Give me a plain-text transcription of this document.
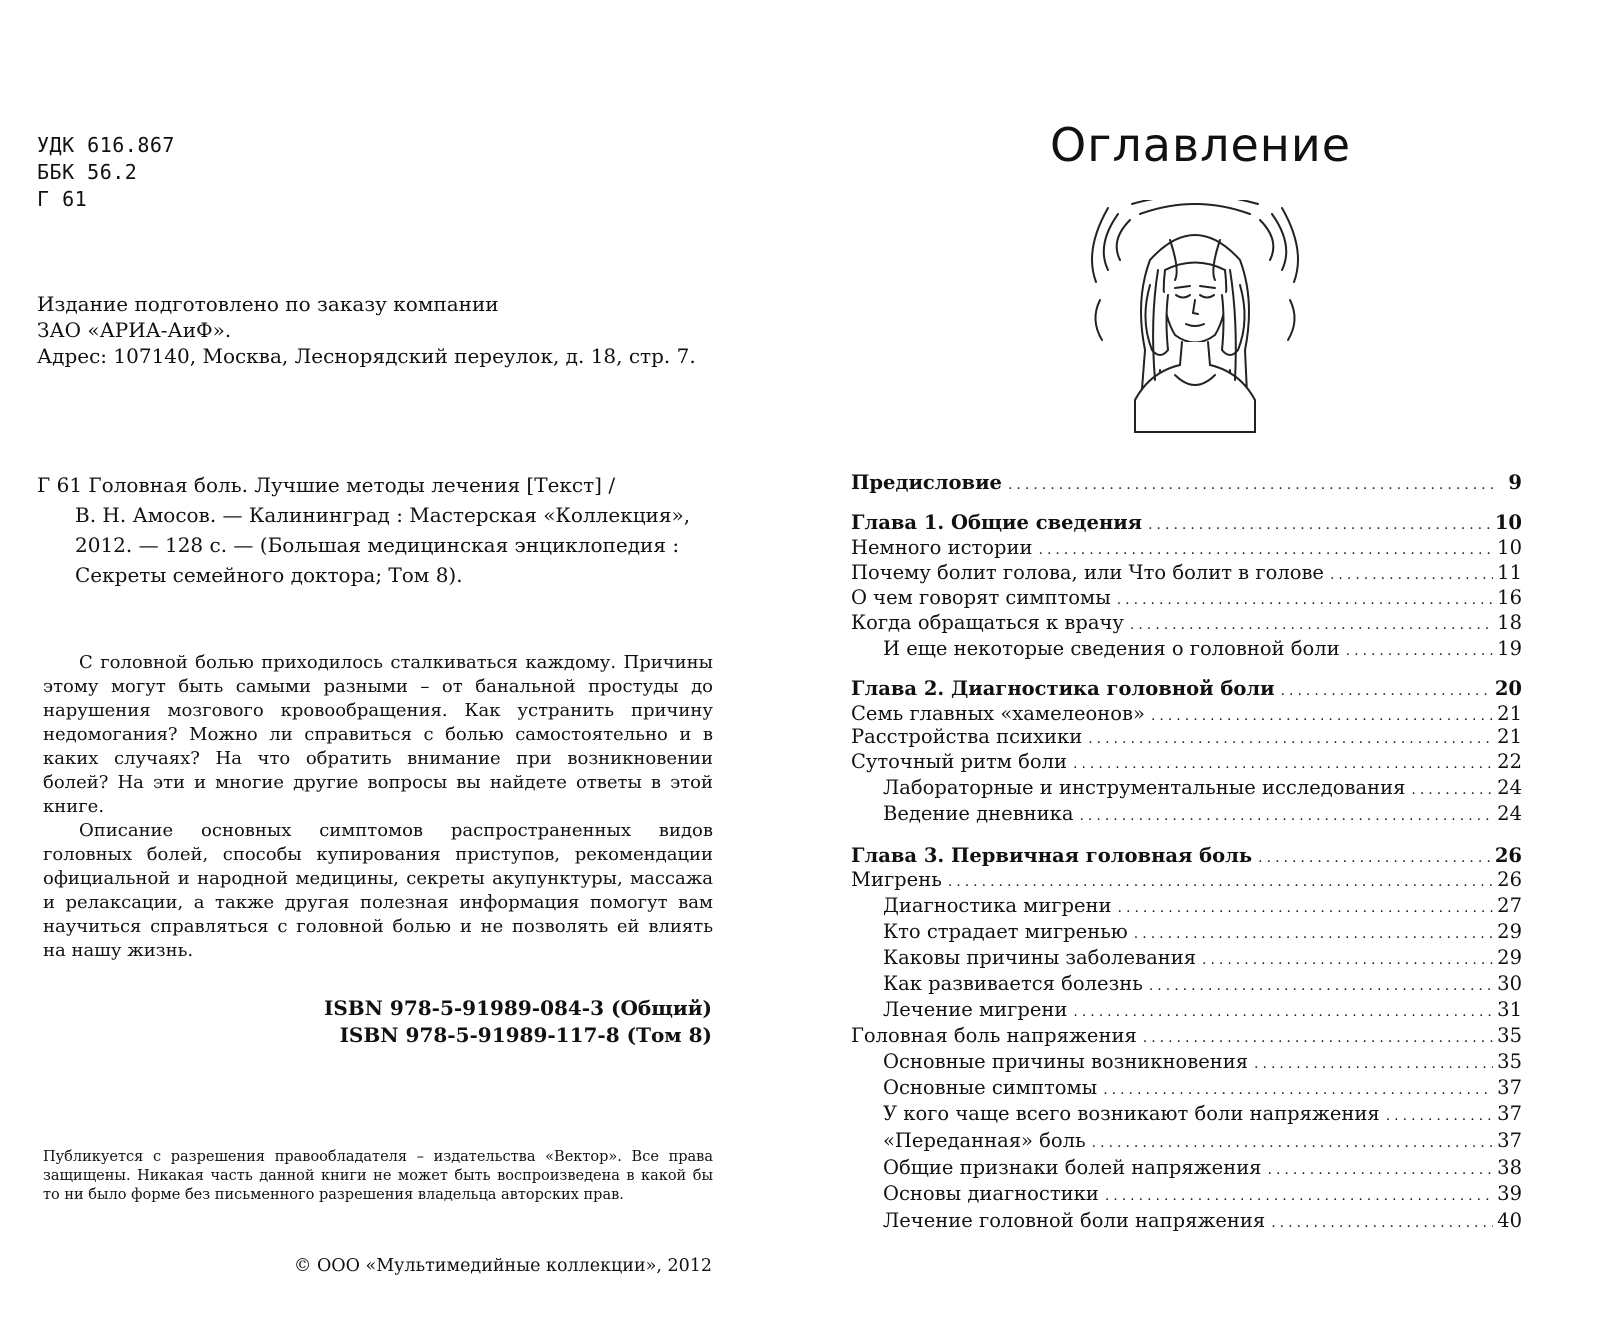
УДК 616.867
ББК 56.2
Г 61
Издание подготовлено по заказу компании
ЗАО «АРИА-АиФ».
Адрес: 107140, Москва, Леснорядский переулок, д. 18, стр. 7.
Г 61 Головная боль. Лучшие методы лечения [Текст] /
В. Н. Амосов. — Калининград : Мастерская «Коллекция»,
2012. — 128 с. — (Большая медицинская энциклопедия :
Секреты семейного доктора; Том 8).

С головной болью приходилось сталкиваться каждому. Причины этому могут быть самыми разными – от банальной простуды до нарушения мозгового кровообращения. Как устранить причину недомогания? Можно ли справиться с болью самостоятельно и в каких случаях? На что обратить внимание при возникновении болей? На эти и многие другие вопросы вы найдете ответы в этой книге.

Описание основных симптомов распространенных видов головных болей, способы купирования приступов, рекомендации официальной и народной медицины, секреты акупунктуры, массажа и релаксации, а также другая полезная информация помогут вам научиться справляться с головной болью и не позволять ей влиять на нашу жизнь.

ISBN 978-5-91989-084-3 (Общий)
ISBN 978-5-91989-117-8 (Том 8)
Публикуется с разрешения правообладателя – издательства «Вектор». Все права защищены. Никакая часть данной книги не может быть воспроизведена в какой бы то ни было форме без письменного разрешения владельца авторских прав.
© ООО «Мультимедийные коллекции», 2012
Оглавление
Предисловие .....	9
Глава 1. Общие сведения .....	10
Немного истории .....	10
Почему болит голова, или Что болит в голове .....	11
О чем говорят симптомы .....	16
Когда обращаться к врачу .....	18
И еще некоторые сведения о головной боли .....	19
Глава 2. Диагностика головной боли .....	20
Семь главных «хамелеонов» .....	21
Расстройства психики .....	21
Суточный ритм боли .....	22
Лабораторные и инструментальные исследования .....	24
Ведение дневника .....	24
Глава 3. Первичная головная боль .....	26
Мигрень .....	26
Диагностика мигрени .....	27
Кто страдает мигренью .....	29
Каковы причины заболевания .....	29
Как развивается болезнь .....	30
Лечение мигрени .....	31
Головная боль напряжения .....	35
Основные причины возникновения .....	35
Основные симптомы .....	37
У кого чаще всего возникают боли напряжения .....	37
«Переданная» боль .....	37
Общие признаки болей напряжения .....	38
Основы диагностики .....	39
Лечение головной боли напряжения .....	40
